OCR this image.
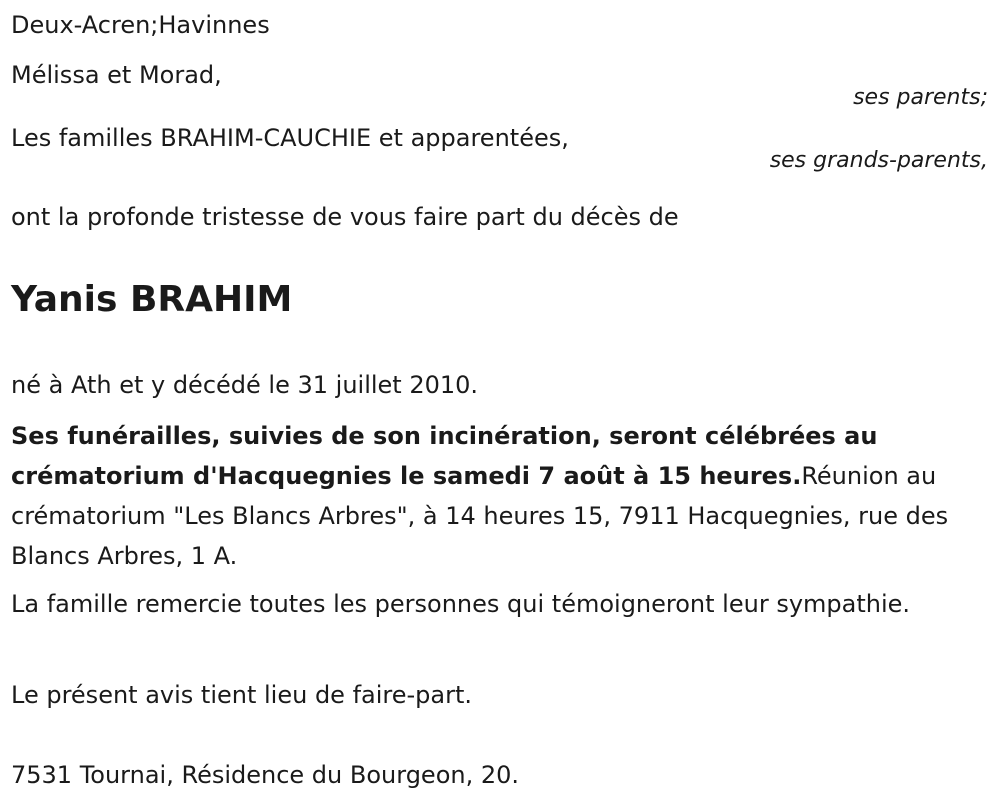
Deux-Acren;Havinnes
Mélissa et Morad,
ses parents;
Les familles BRAHIM-CAUCHIE et apparentées,
ses grands-parents,
ont la profonde tristesse de vous faire part du décès de
Yanis BRAHIM
né à Ath et y décédé le 31 juillet 2010.
Ses funérailles, suivies de son incinération, seront célébrées au crématorium d'Hacquegnies le samedi 7 août à 15 heures.Réunion au crématorium "Les Blancs Arbres", à 14 heures 15, 7911 Hacquegnies, rue des Blancs Arbres, 1 A.
La famille remercie toutes les personnes qui témoigneront leur sympathie.
Le présent avis tient lieu de faire-part.
7531 Tournai, Résidence du Bourgeon, 20.
